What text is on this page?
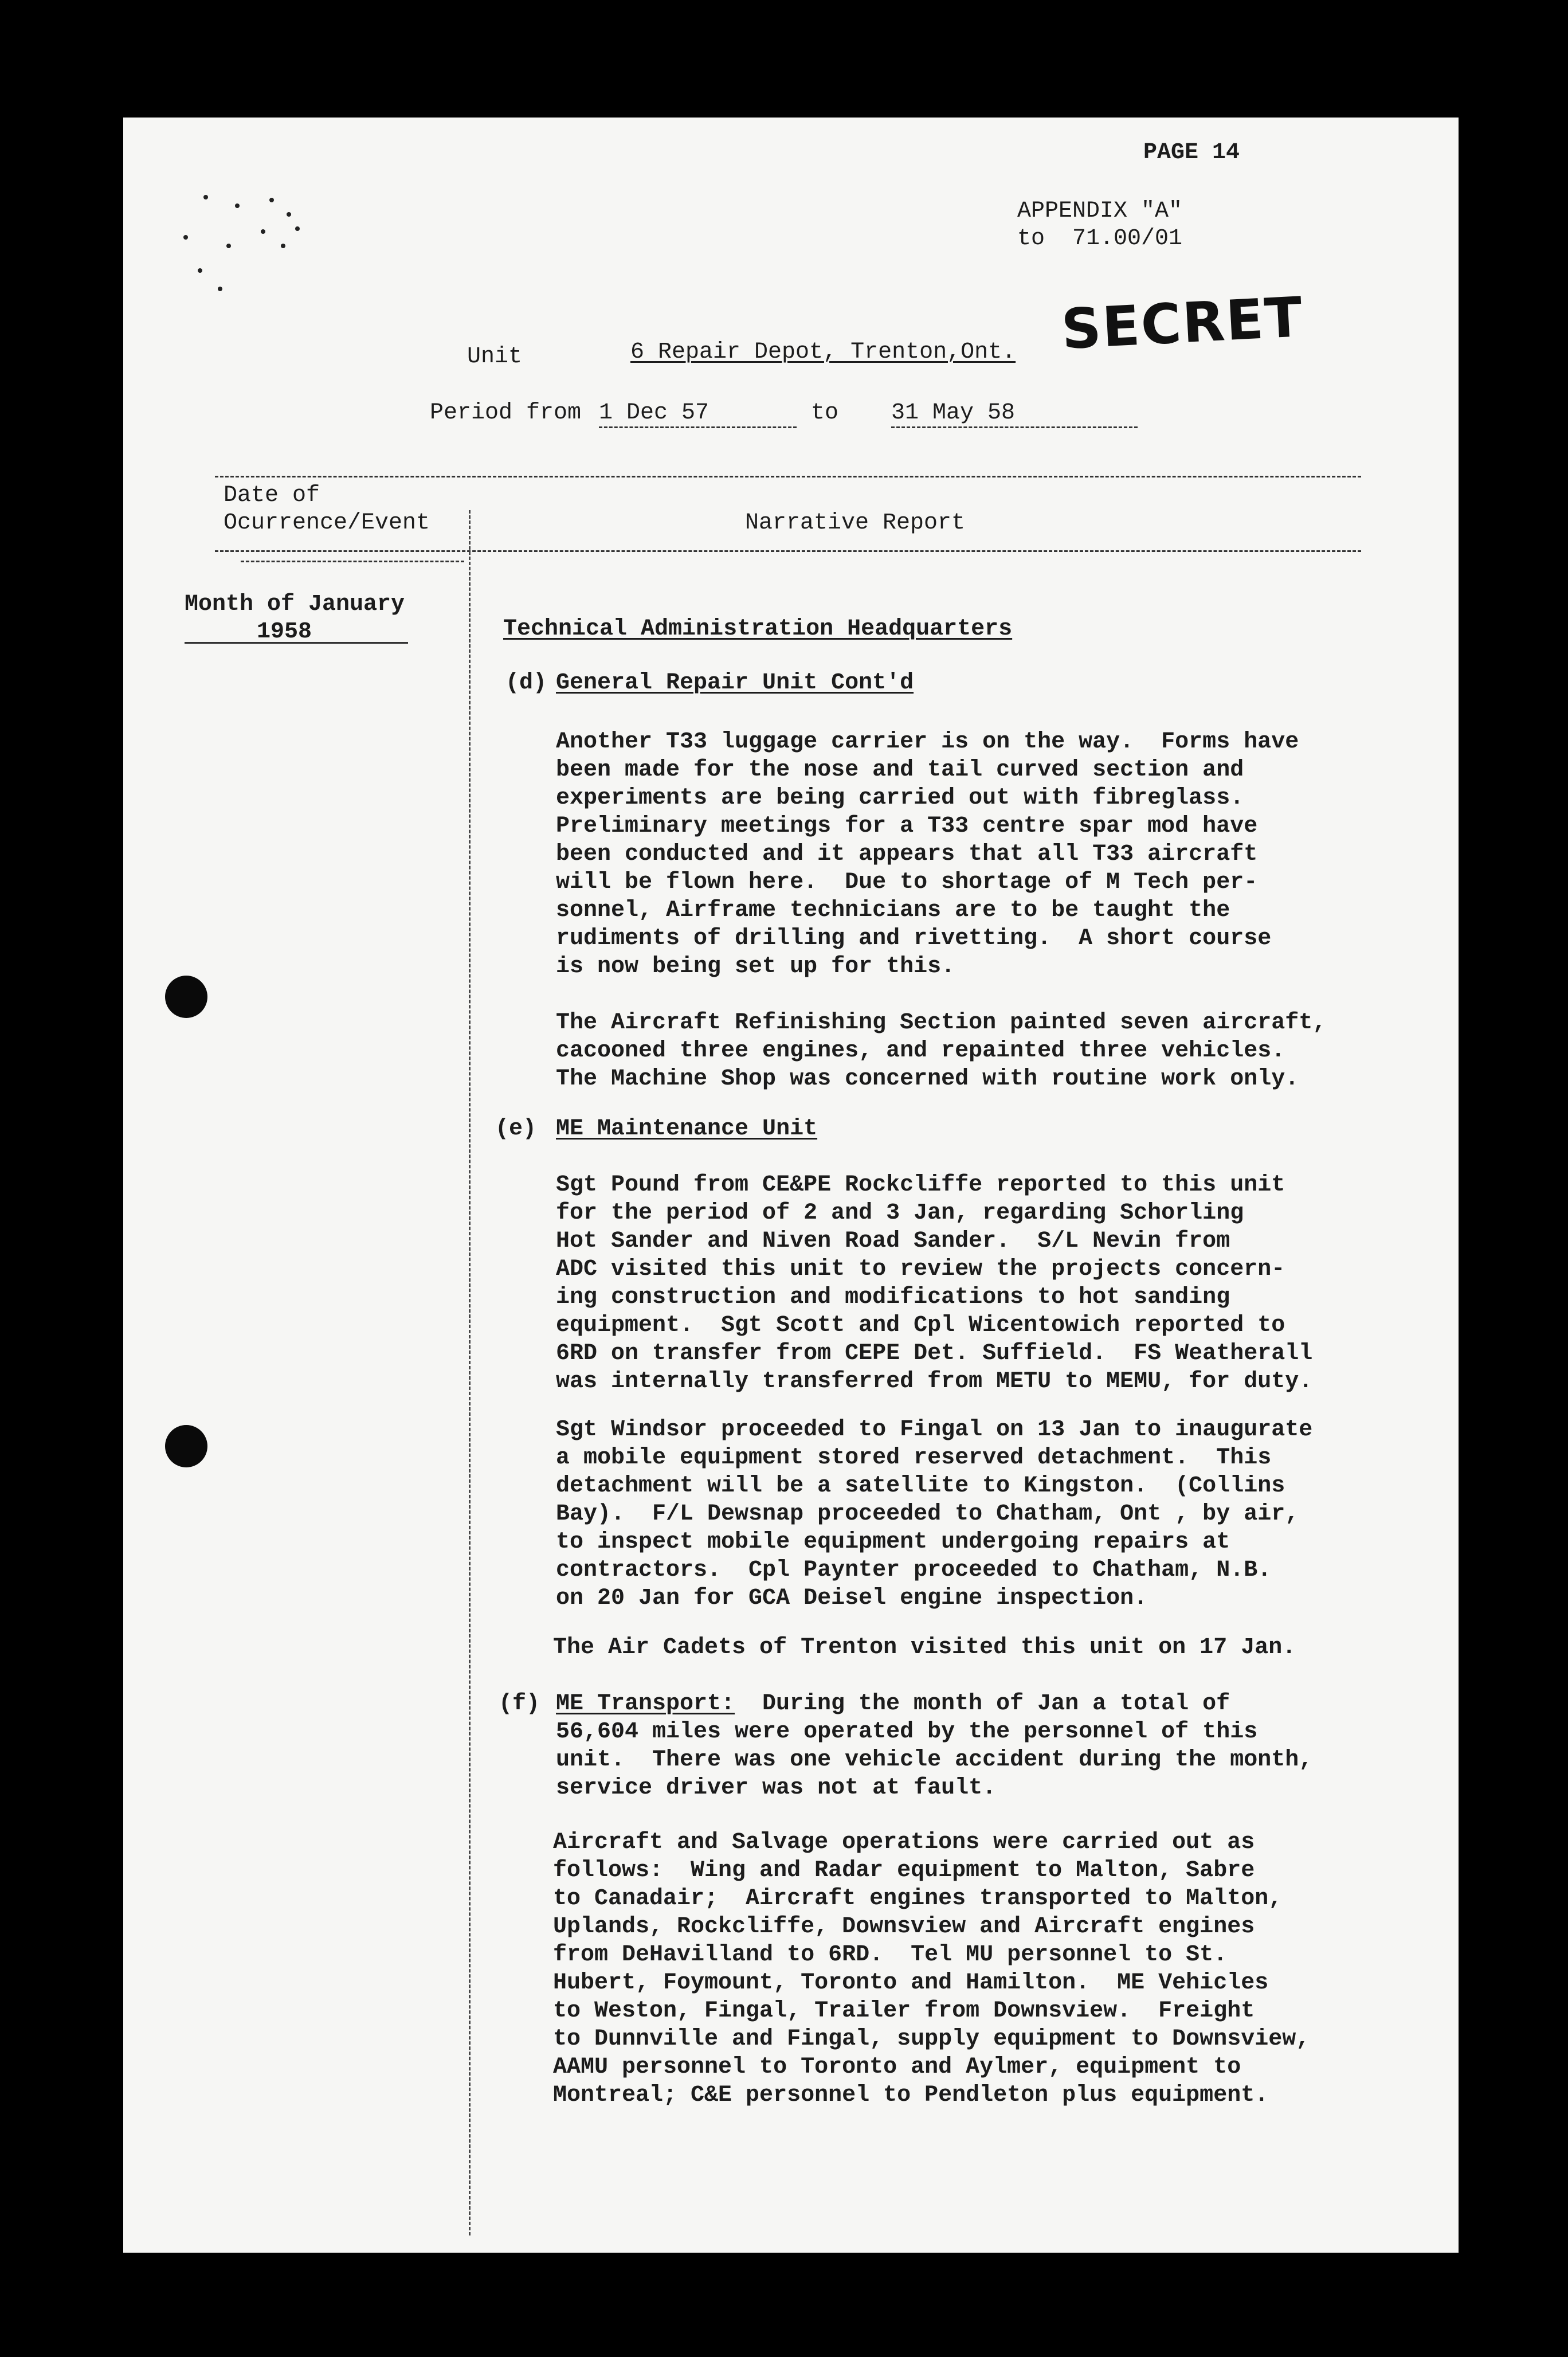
PAGE 14
APPENDIX "A"
to  71.00/01
SECRET
Unit	6 Repair Depot, Trenton,Ont.
Period from 1 Dec 57	to 31 May 58
Date of
Ocurrence/Event	Narrative Report
Month of January
1958	Technical Administration Headquarters
(d) General Repair Unit Cont'd
Another T33 luggage carrier is on the way.  Forms have
been made for the nose and tail curved section and
experiments are being carried out with fibreglass.
Preliminary meetings for a T33 centre spar mod have
been conducted and it appears that all T33 aircraft
will be flown here.  Due to shortage of M Tech per-
sonnel, Airframe technicians are to be taught the
rudiments of drilling and rivetting.  A short course
is now being set up for this.
The Aircraft Refinishing Section painted seven aircraft,
cacooned three engines, and repainted three vehicles.
The Machine Shop was concerned with routine work only.
(e) ME Maintenance Unit
Sgt Pound from CE&PE Rockcliffe reported to this unit
for the period of 2 and 3 Jan, regarding Schorling
Hot Sander and Niven Road Sander.  S/L Nevin from
ADC visited this unit to review the projects concern-
ing construction and modifications to hot sanding
equipment.  Sgt Scott and Cpl Wicentowich reported to
6RD on transfer from CEPE Det. Suffield.  FS Weatherall
was internally transferred from METU to MEMU, for duty.
Sgt Windsor proceeded to Fingal on 13 Jan to inaugurate
a mobile equipment stored reserved detachment.  This
detachment will be a satellite to Kingston.  (Collins
Bay).  F/L Dewsnap proceeded to Chatham, Ont , by air,
to inspect mobile equipment undergoing repairs at
contractors.  Cpl Paynter proceeded to Chatham, N.B.
on 20 Jan for GCA Deisel engine inspection.
The Air Cadets of Trenton visited this unit on 17 Jan.
(f) ME Transport: During the month of Jan a total of
56,604 miles were operated by the personnel of this
unit.  There was one vehicle accident during the month,
service driver was not at fault.
Aircraft and Salvage operations were carried out as
follows:  Wing and Radar equipment to Malton, Sabre
to Canadair;  Aircraft engines transported to Malton,
Uplands, Rockcliffe, Downsview and Aircraft engines
from DeHavilland to 6RD.  Tel MU personnel to St.
Hubert, Foymount, Toronto and Hamilton.  ME Vehicles
to Weston, Fingal, Trailer from Downsview.  Freight
to Dunnville and Fingal, supply equipment to Downsview,
AAMU personnel to Toronto and Aylmer, equipment to
Montreal; C&E personnel to Pendleton plus equipment.
